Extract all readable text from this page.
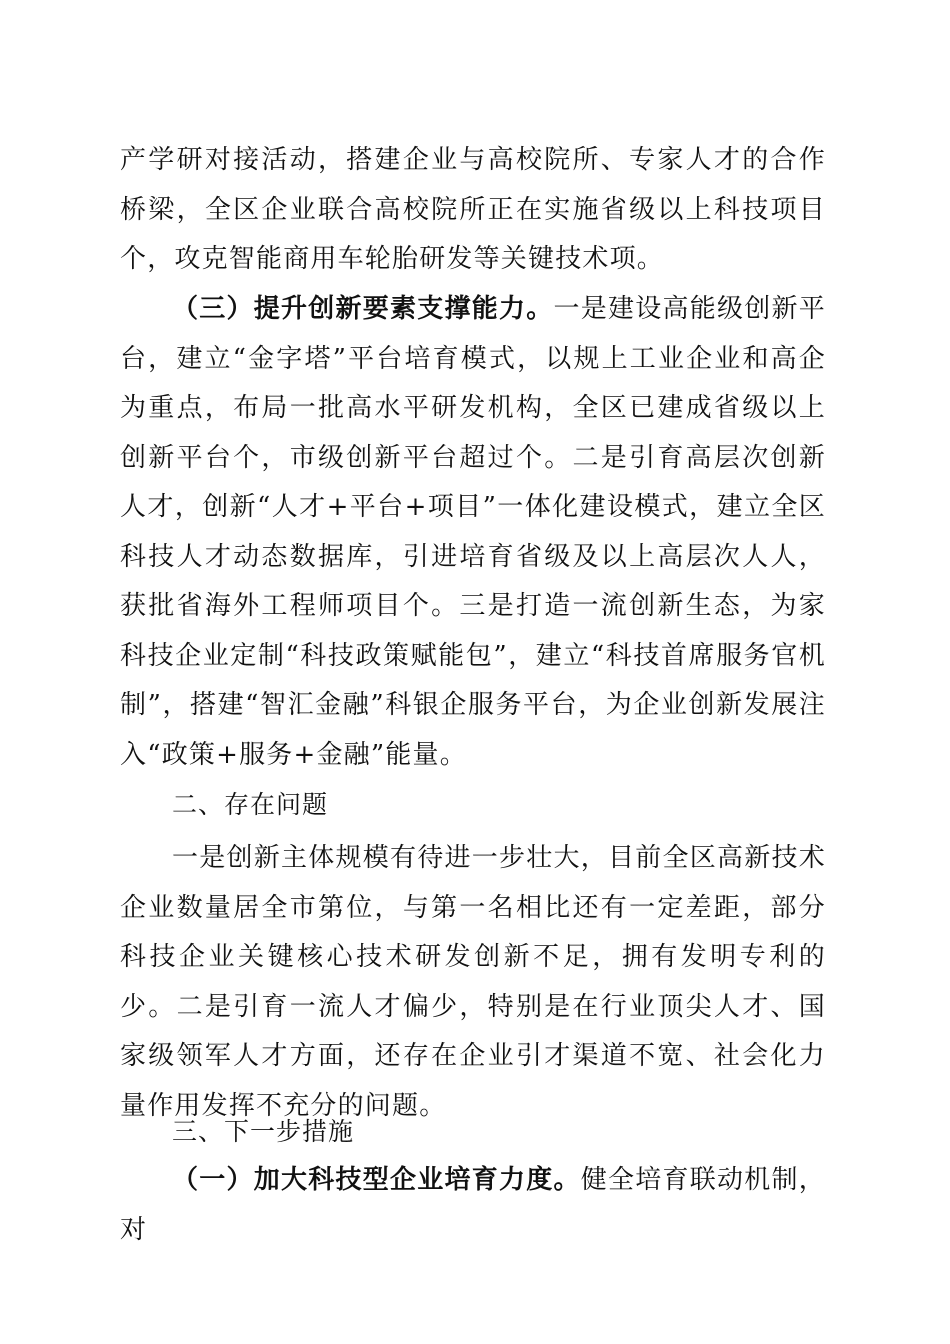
产学研对接活动，搭建企业与高校院所、专家人才的合作桥梁，全区企业联合高校院所正在实施省级以上科技项目个，攻克智能商用车轮胎研发等关键技术项。

（三）提升创新要素支撑能力。一是建设高能级创新平台，建立“金字塔”平台培育模式，以规上工业企业和高企为重点，布局一批高水平研发机构，全区已建成省级以上创新平台个，市级创新平台超过个。二是引育高层次创新人才，创新“人才+平台+项目”一体化建设模式，建立全区科技人才动态数据库，引进培育省级及以上高层次人人，获批省海外工程师项目个。三是打造一流创新生态，为家科技企业定制“科技政策赋能包”，建立“科技首席服务官机制”，搭建“智汇金融”科银企服务平台，为企业创新发展注入“政策+服务+金融”能量。

二、存在问题

一是创新主体规模有待进一步壮大，目前全区高新技术企业数量居全市第位，与第一名相比还有一定差距，部分科技企业关键核心技术研发创新不足，拥有发明专利的少。二是引育一流人才偏少，特别是在行业顶尖人才、国家级领军人才方面，还存在企业引才渠道不宽、社会化力量作用发挥不充分的问题。

三、下一步措施

（一）加大科技型企业培育力度。健全培育联动机制，对
